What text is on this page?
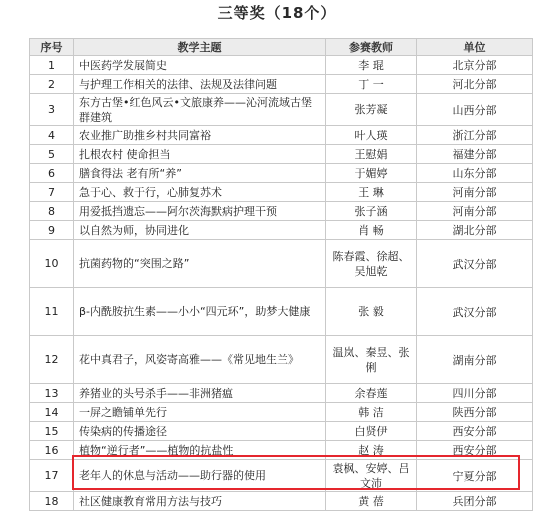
三等奖（18个）
序号	教学主题	参赛教师	单位
1	中医药学发展简史	李 琨	北京分部
2	与护理工作相关的法律、法规及法律问题	丁 一	河北分部
3	东方古堡•红色风云•文旅康养——沁河流域古堡群建筑	张芳凝	山西分部
4	农业推广助推乡村共同富裕	叶人瑛	浙江分部
5	扎根农村 使命担当	王慰娟	福建分部
6	膳食得法 老有所“养”	于媚婷	山东分部
7	急于心、救于行，心肺复苏术	王 琳	河南分部
8	用爱抵挡遗忘——阿尔茨海默病护理干预	张子涵	河南分部
9	以自然为师，协同进化	肖 畅	湖北分部
10	抗菌药物的“突围之路”	陈春霞、徐超、吴旭乾	武汉分部
11	β-内酰胺抗生素——小小“四元环”，助梦大健康	张 毅	武汉分部
12	花中真君子，风姿寄高雅——《常见地生兰》	温岚、秦昱、张俐	湖南分部
13	养猪业的头号杀手——非洲猪瘟	余春莲	四川分部
14	一屏之瞻铺单先行	韩 洁	陕西分部
15	传染病的传播途径	白贤伊	西安分部
16	植物“逆行者”——植物的抗盐性	赵 涛	西安分部
17	老年人的休息与活动——助行器的使用	袁枫、安婷、吕文沛	宁夏分部
18	社区健康教育常用方法与技巧	黄 蓓	兵团分部
